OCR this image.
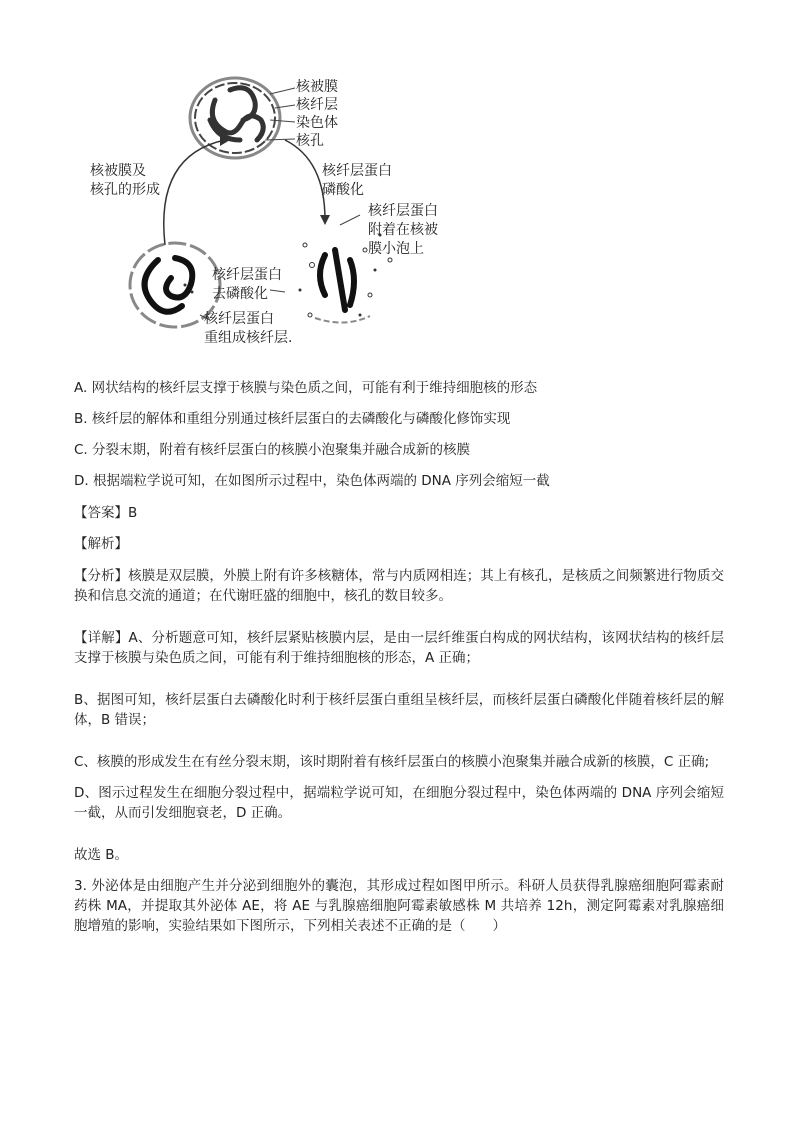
核被膜
核纤层
染色体
核孔
核被膜及
核孔的形成
核纤层蛋白
磷酸化
核纤层蛋白
附着在核被
膜小泡上
核纤层蛋白
去磷酸化
核纤层蛋白
重组成核纤层.
A. 网状结构的核纤层支撑于核膜与染色质之间，可能有利于维持细胞核的形态
B. 核纤层的解体和重组分别通过核纤层蛋白的去磷酸化与磷酸化修饰实现
C. 分裂末期，附着有核纤层蛋白的核膜小泡聚集并融合成新的核膜
D. 根据端粒学说可知，在如图所示过程中，染色体两端的 DNA 序列会缩短一截
【答案】B
【解析】
【分析】核膜是双层膜，外膜上附有许多核糖体，常与内质网相连；其上有核孔，是核质之间频繁进行物质交换和信息交流的通道；在代谢旺盛的细胞中，核孔的数目较多。
【详解】A、分析题意可知，核纤层紧贴核膜内层，是由一层纤维蛋白构成的网状结构，该网状结构的核纤层支撑于核膜与染色质之间，可能有利于维持细胞核的形态，A 正确；
B、据图可知，核纤层蛋白去磷酸化时利于核纤层蛋白重组呈核纤层，而核纤层蛋白磷酸化伴随着核纤层的解体，B 错误；
C、核膜的形成发生在有丝分裂末期，该时期附着有核纤层蛋白的核膜小泡聚集并融合成新的核膜，C 正确;
D、图示过程发生在细胞分裂过程中，据端粒学说可知，在细胞分裂过程中，染色体两端的 DNA 序列会缩短一截，从而引发细胞衰老，D 正确。
故选 B。
3. 外泌体是由细胞产生并分泌到细胞外的囊泡，其形成过程如图甲所示。科研人员获得乳腺癌细胞阿霉素耐药株 MA，并提取其外泌体 AE，将 AE 与乳腺癌细胞阿霉素敏感株 M 共培养 12h，测定阿霉素对乳腺癌细胞增殖的影响，实验结果如下图所示，下列相关表述不正确的是（　　）
